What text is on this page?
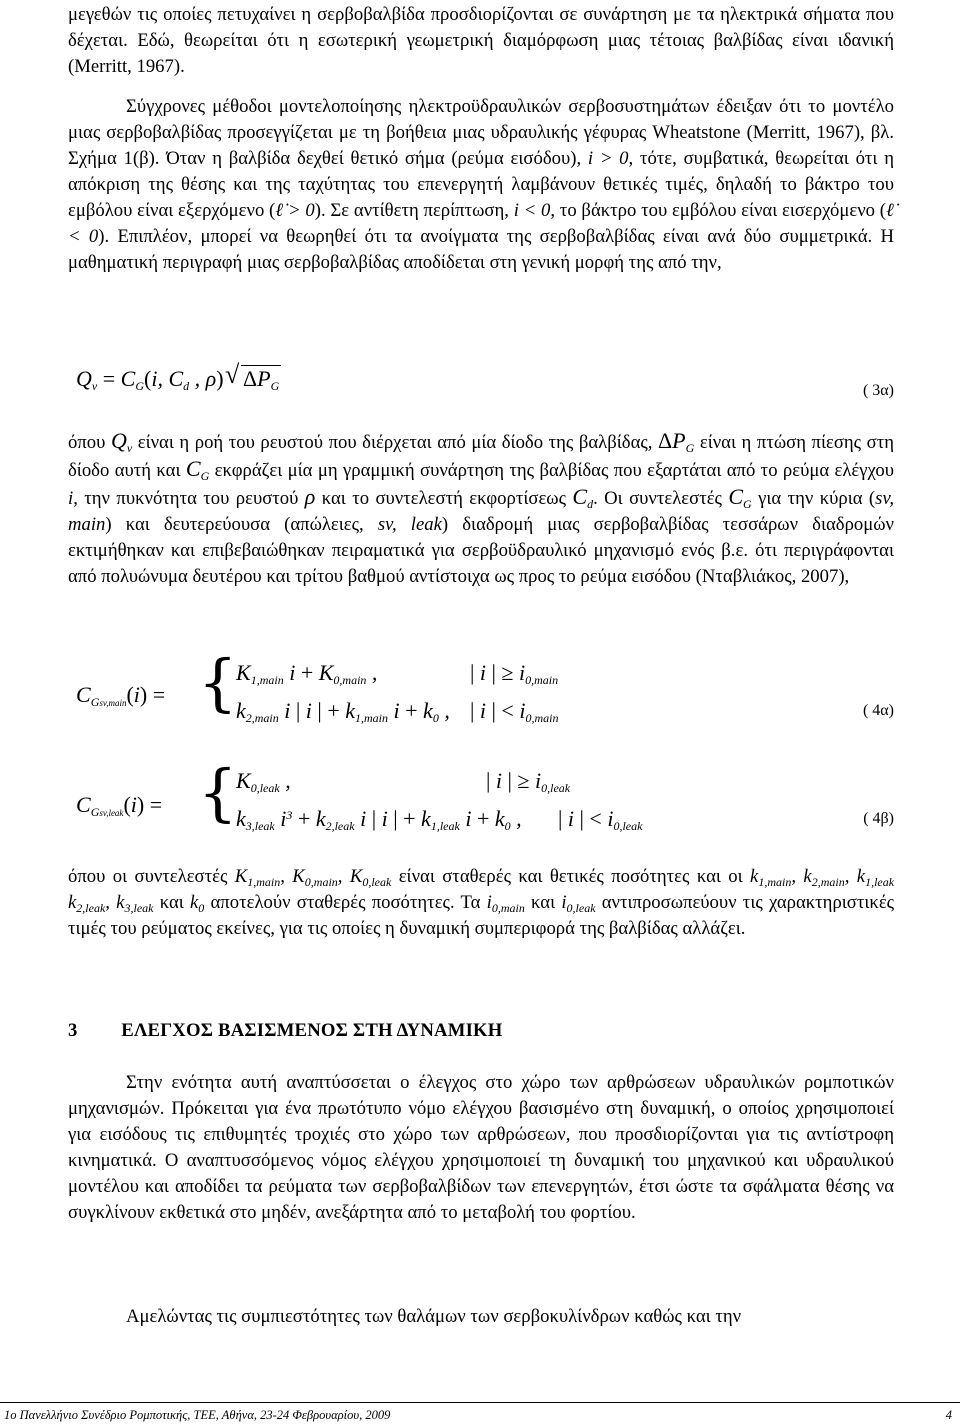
μεγεθών τις οποίες πετυχαίνει η σερβοβαλβίδα προσδιορίζονται σε συνάρτηση με τα ηλεκτρικά σήματα που δέχεται. Εδώ, θεωρείται ότι η εσωτερική γεωμετρική διαμόρφωση μιας τέτοιας βαλβίδας είναι ιδανική (Merritt, 1967).

Σύγχρονες μέθοδοι μοντελοποίησης ηλεκτροϋδραυλικών σερβοσυστημάτων έδειξαν ότι το μοντέλο μιας σερβοβαλβίδας προσεγγίζεται με τη βοήθεια μιας υδραυλικής γέφυρας Wheatstone (Merritt, 1967), βλ. Σχήμα 1(β). Όταν η βαλβίδα δεχθεί θετικό σήμα (ρεύμα εισόδου), i > 0, τότε, συμβατικά, θεωρείται ότι η απόκριση της θέσης και της ταχύτητας του επενεργητή λαμβάνουν θετικές τιμές, δηλαδή το βάκτρο του εμβόλου είναι εξερχόμενο (ℓ̇ > 0). Σε αντίθετη περίπτωση, i < 0, το βάκτρο του εμβόλου είναι εισερχόμενο (ℓ̇ < 0). Επιπλέον, μπορεί να θεωρηθεί ότι τα ανοίγματα της σερβοβαλβίδας είναι ανά δύο συμμετρικά. Η μαθηματική περιγραφή μιας σερβοβαλβίδας αποδίδεται στη γενική μορφή της από την,

$Q_v = C_G(i$, $C_d$ , ρ) √ $\Delta P_G$	( 3α)

όπου $Q_v$ είναι η ροή του ρευστού που διέρχεται από μία δίοδο της βαλβίδας, $\Delta P_G$ είναι η πτώση πίεσης στη δίοδο αυτή και $C_G$ εκφράζει μία μη γραμμική συνάρτηση της βαλβίδας που εξαρτάται από το ρεύμα ελέγχου i, την πυκνότητα του ρευστού ρ και το συντελεστή εκφορτίσεως $C_d$. Οι συντελεστές $C_G$ για την κύρια (sv, main) και δευτερεύουσα (απώλειες, sv, leak) διαδρομή μιας σερβοβαλβίδας τεσσάρων διαδρομών εκτιμήθηκαν και επιβεβαιώθηκαν πειραματικά για σερβοϋδραυλικό μηχανισμό ενός β.ε. ότι περιγράφονται από πολυώνυμα δευτέρου και τρίτου βαθμού αντίστοιχα ως προς το ρεύμα εισόδου (Νταβλιάκος, 2007),

$C_{Gsv,main}(i)$ = {
$K_{1,main}$ $i + K_{0,main}$ ,	| i | ≥ $i_{0,main}$
$k_{2,main}$ i | i | + $k_{1,main}$ $i + k_0$ , | i | < $i_{0,main}$	( 4α)
$C_{Gsv,leak}(i)$ = {
$K_{0,leak}$ ,	| i | ≥ $i_{0,leak}$
$k_{3,leak}$ $i^3 + k_{2,leak}$ i | i | + $k_{1,leak}$ $i + k_0$ , | i | < $i_{0,leak}$	( 4β)

όπου οι συντελεστές $K_{1,main}$, $K_{0,main}$, $K_{0,leak}$ είναι σταθερές και θετικές ποσότητες και οι $k_{1,main}$, $k_{2,main}$, $k_{1,leak}$ $k_{2,leak}$, $k_{3,leak}$ και $k_0$ αποτελούν σταθερές ποσότητες. Τα $i_{0,main}$ και $i_{0,leak}$ αντιπροσωπεύουν τις χαρακτηριστικές τιμές του ρεύματος εκείνες, για τις οποίες η δυναμική συμπεριφορά της βαλβίδας αλλάζει.

3 ΕΛΕΓΧΟΣ ΒΑΣΙΣΜΕΝΟΣ ΣΤΗ ΔΥΝΑΜΙΚΗ

Στην ενότητα αυτή αναπτύσσεται ο έλεγχος στο χώρο των αρθρώσεων υδραυλικών ρομποτικών μηχανισμών. Πρόκειται για ένα πρωτότυπο νόμο ελέγχου βασισμένο στη δυναμική, ο οποίος χρησιμοποιεί για εισόδους τις επιθυμητές τροχιές στο χώρο των αρθρώσεων, που προσδιορίζονται για τις αντίστροφη κινηματικά. Ο αναπτυσσόμενος νόμος ελέγχου χρησιμοποιεί τη δυναμική του μηχανικού και υδραυλικού μοντέλου και αποδίδει τα ρεύματα των σερβοβαλβίδων των επενεργητών, έτσι ώστε τα σφάλματα θέσης να συγκλίνουν εκθετικά στο μηδέν, ανεξάρτητα από το μεταβολή του φορτίου.

Αμελώντας τις συμπιεστότητες των θαλάμων των σερβοκυλίνδρων καθώς και την

1ο Πανελλήνιο Συνέδριο Ρομποτικής, ΤΕΕ, Αθήνα, 23-24 Φεβρουαρίου, 2009	4
